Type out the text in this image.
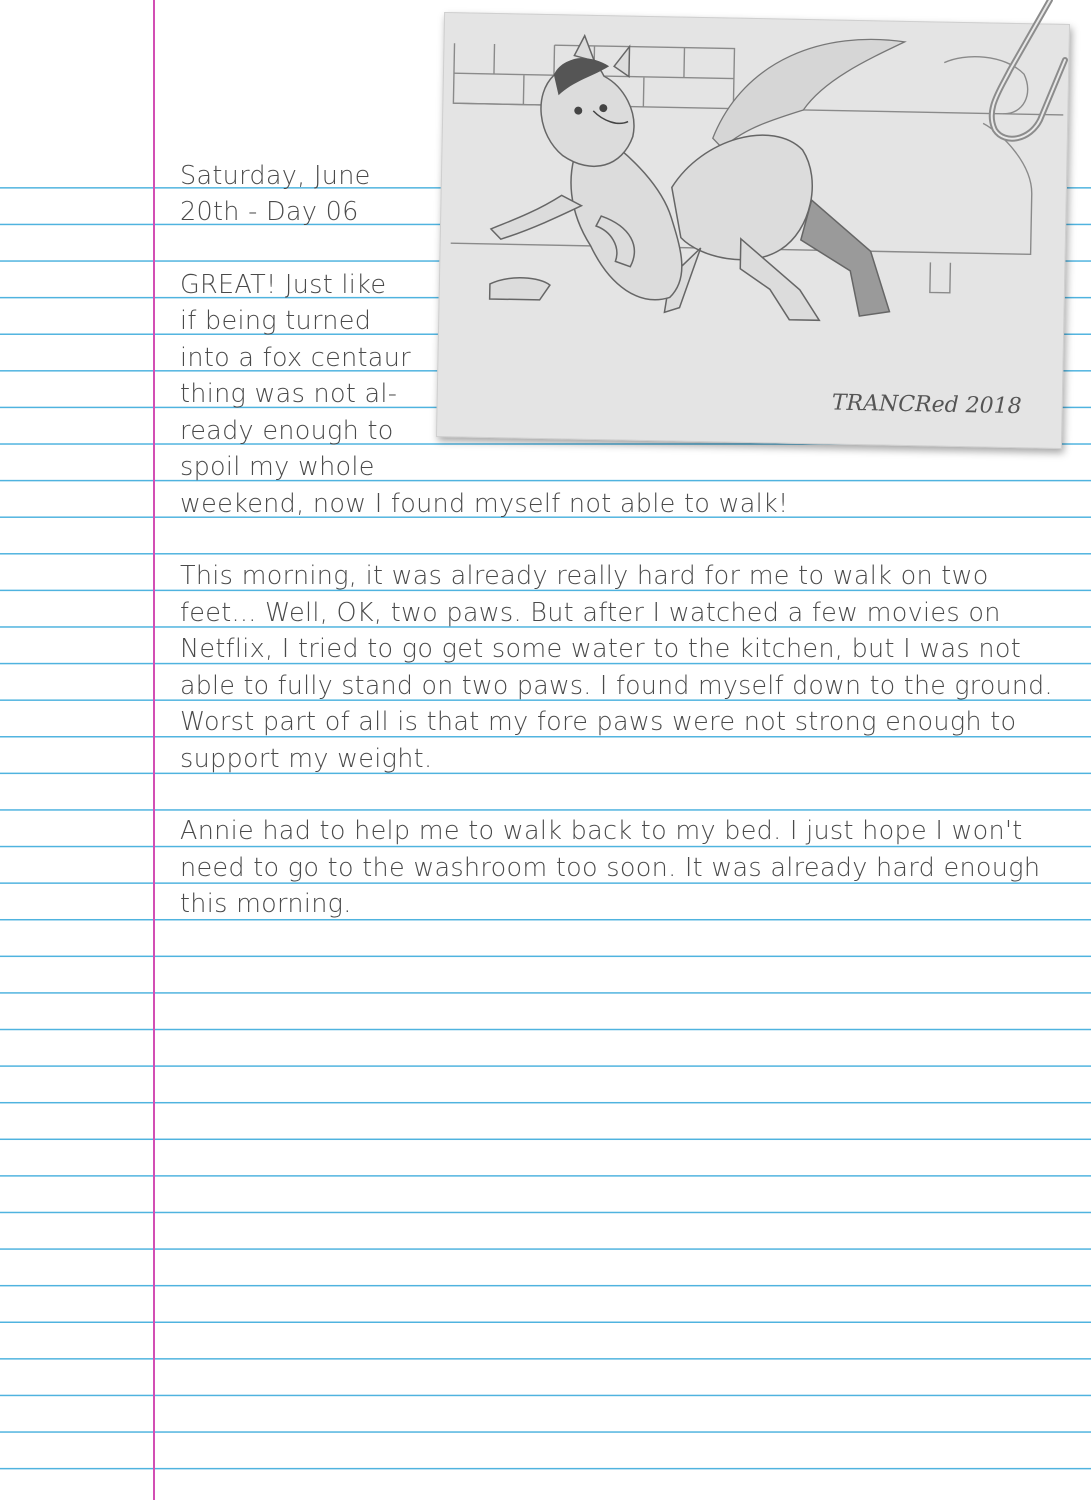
TRANCRed 2018
Saturday, June
20th - Day 06
GREAT! Just like
if being turned
into a fox centaur
thing was not al-
ready enough to
spoil my whole
weekend, now I found myself not able to walk!
This morning, it was already really hard for me to walk on two
feet... Well, OK, two paws. But after I watched a few movies on
Netflix, I tried to go get some water to the kitchen, but I was not
able to fully stand on two paws. I found myself down to the ground.
Worst part of all is that my fore paws were not strong enough to
support my weight.
Annie had to help me to walk back to my bed. I just hope I won't
need to go to the washroom too soon. It was already hard enough
this morning.
